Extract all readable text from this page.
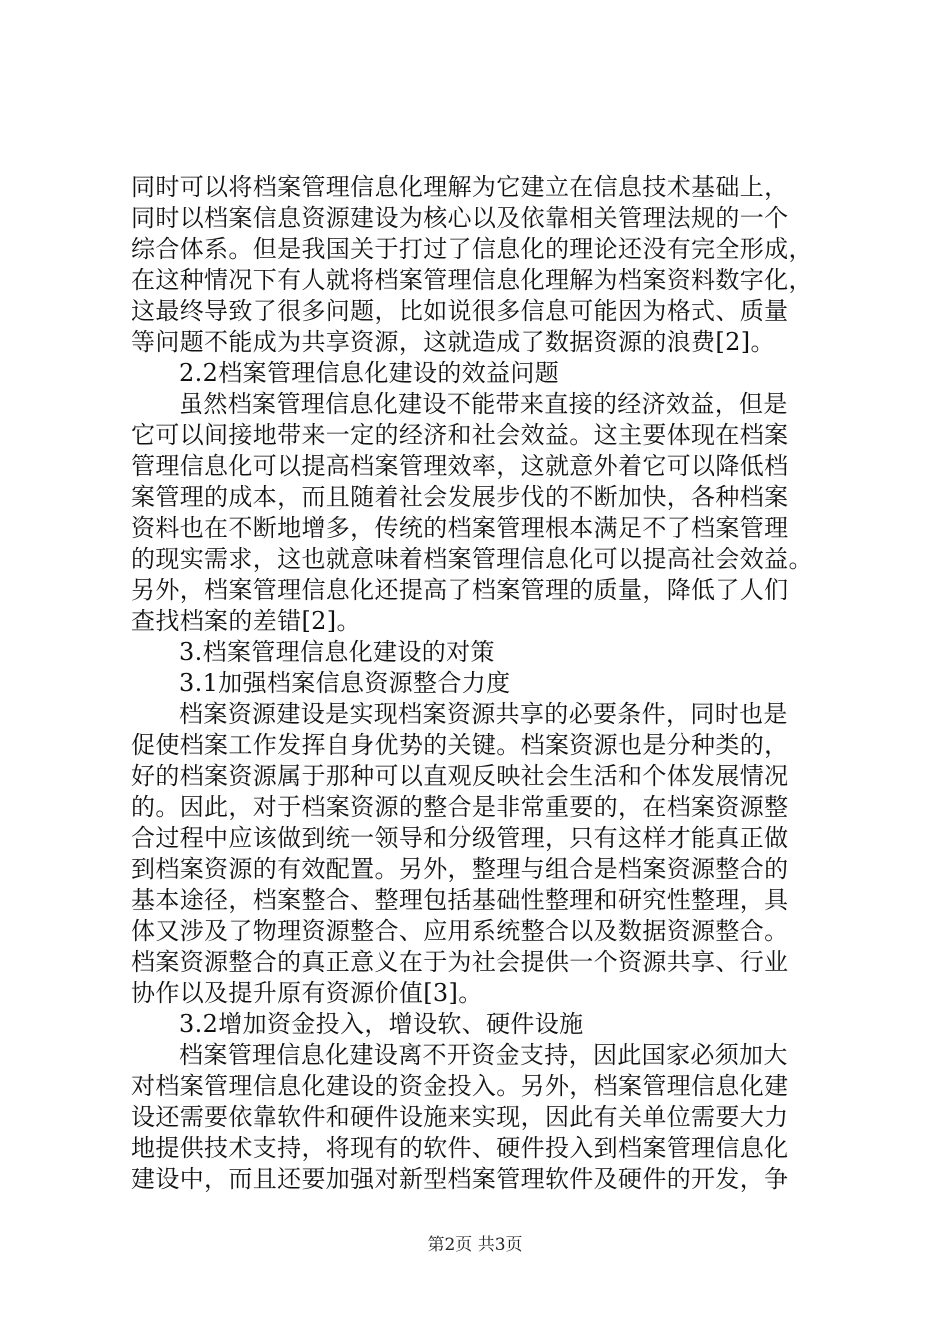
同时可以将档案管理信息化理解为它建立在信息技术基础上，
同时以档案信息资源建设为核心以及依靠相关管理法规的一个
综合体系。但是我国关于打过了信息化的理论还没有完全形成，
在这种情况下有人就将档案管理信息化理解为档案资料数字化，
这最终导致了很多问题，比如说很多信息可能因为格式、质量
等问题不能成为共享资源，这就造成了数据资源的浪费[2]。
2.2档案管理信息化建设的效益问题
虽然档案管理信息化建设不能带来直接的经济效益，但是
它可以间接地带来一定的经济和社会效益。这主要体现在档案
管理信息化可以提高档案管理效率，这就意外着它可以降低档
案管理的成本，而且随着社会发展步伐的不断加快，各种档案
资料也在不断地增多，传统的档案管理根本满足不了档案管理
的现实需求，这也就意味着档案管理信息化可以提高社会效益。
另外，档案管理信息化还提高了档案管理的质量，降低了人们
查找档案的差错[2]。
3.档案管理信息化建设的对策
3.1加强档案信息资源整合力度
档案资源建设是实现档案资源共享的必要条件，同时也是
促使档案工作发挥自身优势的关键。档案资源也是分种类的，
好的档案资源属于那种可以直观反映社会生活和个体发展情况
的。因此，对于档案资源的整合是非常重要的，在档案资源整
合过程中应该做到统一领导和分级管理，只有这样才能真正做
到档案资源的有效配置。另外，整理与组合是档案资源整合的
基本途径，档案整合、整理包括基础性整理和研究性整理，具
体又涉及了物理资源整合、应用系统整合以及数据资源整合。
档案资源整合的真正意义在于为社会提供一个资源共享、行业
协作以及提升原有资源价值[3]。
3.2增加资金投入，增设软、硬件设施
档案管理信息化建设离不开资金支持，因此国家必须加大
对档案管理信息化建设的资金投入。另外，档案管理信息化建
设还需要依靠软件和硬件设施来实现，因此有关单位需要大力
地提供技术支持，将现有的软件、硬件投入到档案管理信息化
建设中，而且还要加强对新型档案管理软件及硬件的开发，争
第2页 共3页
